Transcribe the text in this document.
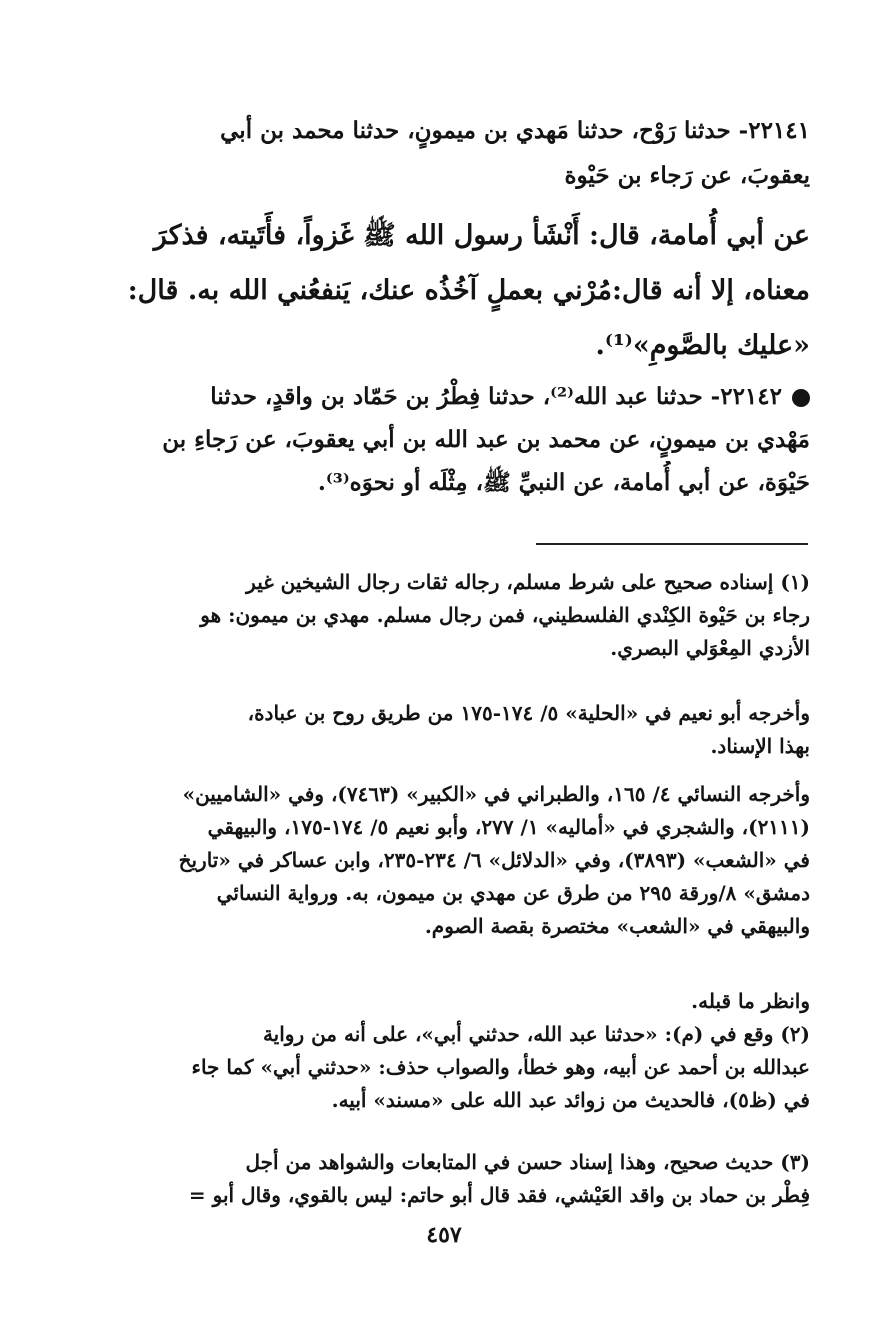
٢٢١٤١- حدثنا رَوْح، حدثنا مَهدي بن ميمونٍ، حدثنا محمد بن أبي
يعقوبَ، عن رَجاء بن حَيْوة
عن أبي أُمامة، قال: أَنْشَأ رسول الله ﷺ غَزواً، فأَتَيته، فذكرَ
معناه، إلا أنه قال:مُرْني بعملٍ آخُذُه عنك، يَنفعُني الله به. قال:
«عليك بالصَّومِ»⁽¹⁾.
٢٢١٤٢- حدثنا عبد الله⁽²⁾، حدثنا فِطْرُ بن حَمّاد بن واقدٍ، حدثنا
مَهْدي بن ميمونٍ، عن محمد بن عبد الله بن أبي يعقوبَ، عن رَجاءِ بن
حَيْوَة، عن أبي أُمامة، عن النبيِّ ﷺ، مِثْلَه أو نحوَه⁽³⁾.
(١) إسناده صحيح على شرط مسلم، رجاله ثقات رجال الشيخين غير
رجاء بن حَيْوة الكِنْدي الفلسطيني، فمن رجال مسلم. مهدي بن ميمون: هو
الأزدي المِعْوَلي البصري.
وأخرجه أبو نعيم في «الحلية» ٥/ ١٧٤-١٧٥ من طريق روح بن عبادة،
بهذا الإسناد.
وأخرجه النسائي ٤/ ١٦٥، والطبراني في «الكبير» (٧٤٦٣)، وفي «الشاميين»
(٢١١١)، والشجري في «أماليه» ١/ ٢٧٧، وأبو نعيم ٥/ ١٧٤-١٧٥، والبيهقي
في «الشعب» (٣٨٩٣)، وفي «الدلائل» ٦/ ٢٣٤-٢٣٥، وابن عساكر في «تاريخ
دمشق» ٨/ورقة ٢٩٥ من طرق عن مهدي بن ميمون، به. ورواية النسائي
والبيهقي في «الشعب» مختصرة بقصة الصوم.
وانظر ما قبله.
(٢) وقع في (م): «حدثنا عبد الله، حدثني أبي»، على أنه من رواية
عبدالله بن أحمد عن أبيه، وهو خطأ، والصواب حذف: «حدثني أبي» كما جاء
في (ظ٥)، فالحديث من زوائد عبد الله على «مسند» أبيه.
(٣) حديث صحيح، وهذا إسناد حسن في المتابعات والشواهد من أجل
فِطْر بن حماد بن واقد العَيْشي، فقد قال أبو حاتم: ليس بالقوي، وقال أبو =
٤٥٧
